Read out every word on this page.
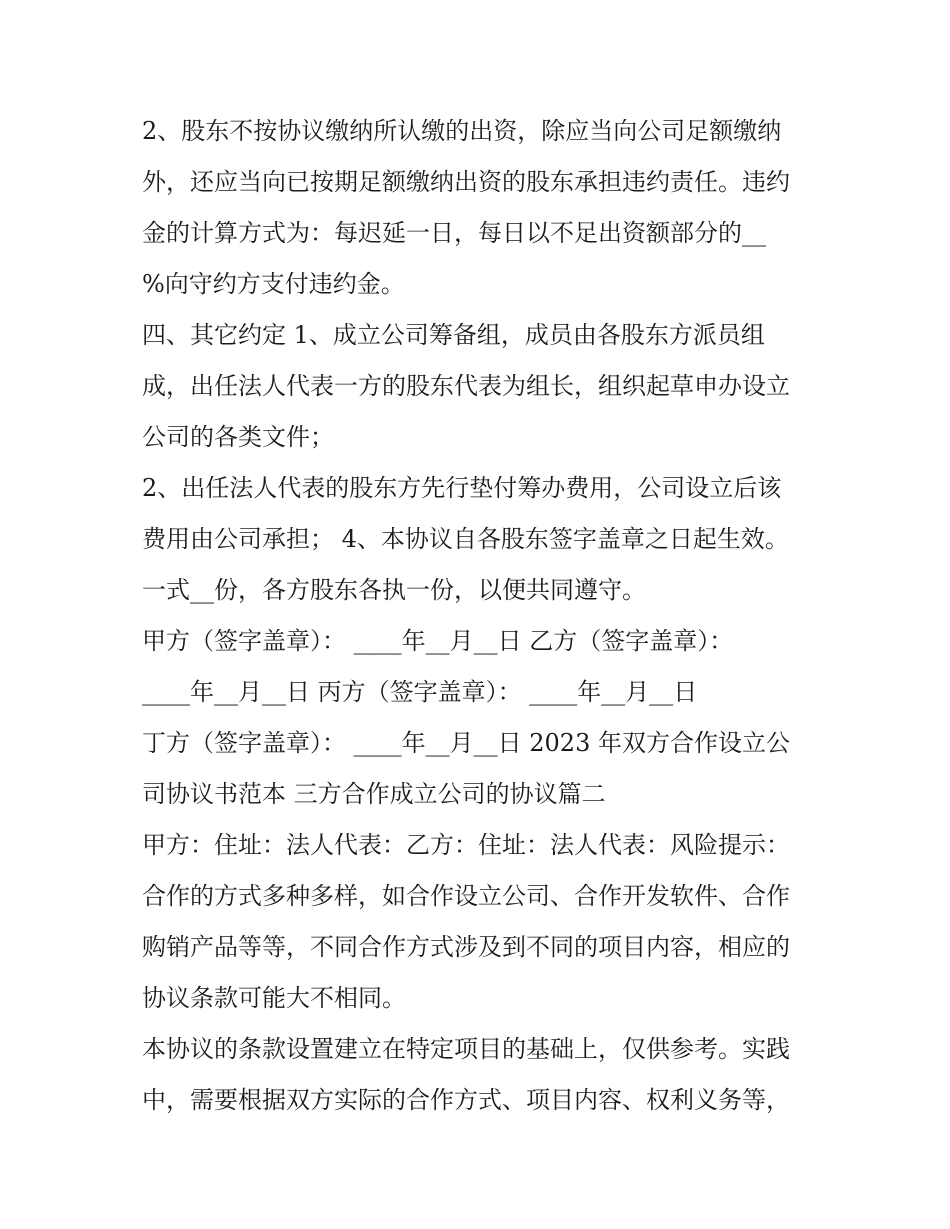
2、股东不按协议缴纳所认缴的出资，除应当向公司足额缴纳
外，还应当向已按期足额缴纳出资的股东承担违约责任。违约
金的计算方式为：每迟延一日，每日以不足出资额部分的__
%向守约方支付违约金。
四、其它约定 1、成立公司筹备组，成员由各股东方派员组
成，出任法人代表一方的股东代表为组长，组织起草申办设立
公司的各类文件；
2、出任法人代表的股东方先行垫付筹办费用，公司设立后该
费用由公司承担； 4、本协议自各股东签字盖章之日起生效。
一式__份，各方股东各执一份，以便共同遵守。
甲方（签字盖章）： ____年__月__日 乙方（签字盖章）：
____年__月__日 丙方（签字盖章）： ____年__月__日
丁方（签字盖章）： ____年__月__日 2023 年双方合作设立公
司协议书范本 三方合作成立公司的协议篇二
甲方：住址：法人代表：乙方：住址：法人代表：风险提示：
合作的方式多种多样，如合作设立公司、合作开发软件、合作
购销产品等等，不同合作方式涉及到不同的项目内容，相应的
协议条款可能大不相同。
本协议的条款设置建立在特定项目的基础上，仅供参考。实践
中，需要根据双方实际的合作方式、项目内容、权利义务等，
